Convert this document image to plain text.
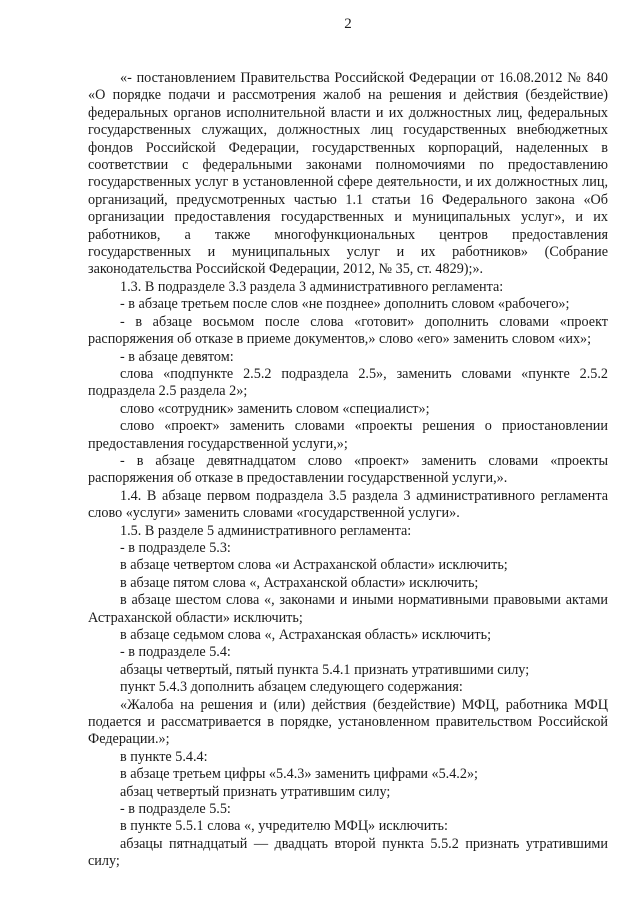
2

«- постановлением Правительства Российской Федерации от 16.08.2012 № 840 «О порядке подачи и рассмотрения жалоб на решения и действия (бездействие) федеральных органов исполнительной власти и их должностных лиц, федеральных государственных служащих, должностных лиц государственных внебюджетных фондов Российской Федерации, государственных корпораций, наделенных в соответствии с федеральными законами полномочиями по предоставлению государственных услуг в установленной сфере деятельности, и их должностных лиц, организаций, предусмотренных частью 1.1 статьи 16 Федерального закона «Об организации предоставления государственных и муниципальных услуг», и их работников, а также многофункциональных центров предоставления государственных и муниципальных услуг и их работников» (Собрание законодательства Российской Федерации, 2012, № 35, ст. 4829);».

1.3. В подразделе 3.3 раздела 3 административного регламента:

- в абзаце третьем после слов «не позднее» дополнить словом «рабочего»;

- в абзаце восьмом после слова «готовит» дополнить словами «проект распоряжения об отказе в приеме документов,» слово «его» заменить словом «их»;

- в абзаце девятом:

слова «подпункте 2.5.2 подраздела 2.5», заменить словами «пункте 2.5.2 подраздела 2.5 раздела 2»;

слово «сотрудник» заменить словом «специалист»;

слово «проект» заменить словами «проекты решения о приостановлении предоставления государственной услуги,»;

- в абзаце девятнадцатом слово «проект» заменить словами «проекты распоряжения об отказе в предоставлении государственной услуги,».

1.4. В абзаце первом подраздела 3.5 раздела 3 административного регламента слово «услуги» заменить словами «государственной услуги».

1.5. В разделе 5 административного регламента:

- в подразделе 5.3:

в абзаце четвертом слова «и Астраханской области» исключить;

в абзаце пятом слова «, Астраханской области» исключить;

в абзаце шестом слова «, законами и иными нормативными правовыми актами Астраханской области» исключить;

в абзаце седьмом слова «, Астраханская область» исключить;

- в подразделе 5.4:

абзацы четвертый, пятый пункта 5.4.1 признать утратившими силу;

пункт 5.4.3 дополнить абзацем следующего содержания:

«Жалоба на решения и (или) действия (бездействие) МФЦ, работника МФЦ подается и рассматривается в порядке, установленном правительством Российской Федерации.»;

в пункте 5.4.4:

в абзаце третьем цифры «5.4.3» заменить цифрами «5.4.2»;

абзац четвертый признать утратившим силу;

- в подразделе 5.5:

в пункте 5.5.1 слова «, учредителю МФЦ» исключить:

абзацы пятнадцатый — двадцать второй пункта 5.5.2 признать утратившими силу;
